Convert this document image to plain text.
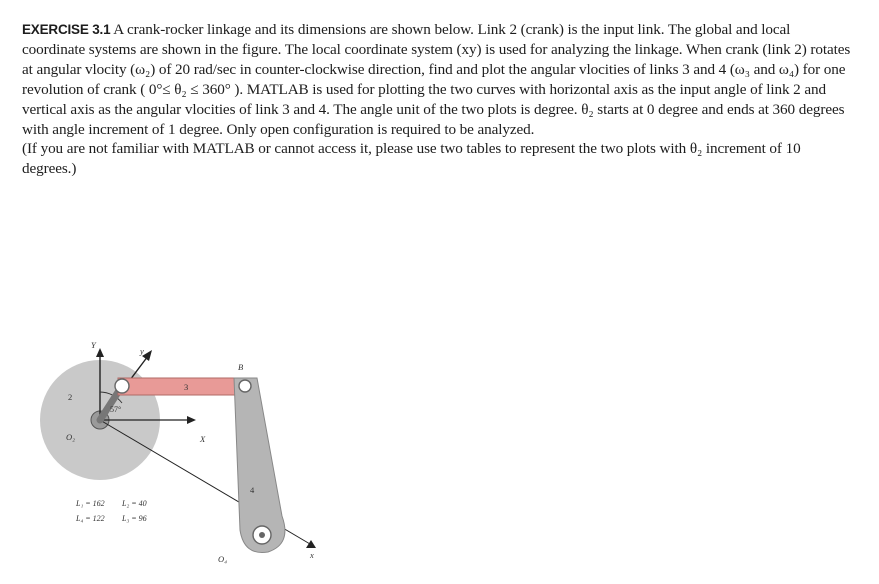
EXERCISE 3.1 A crank-rocker linkage and its dimensions are shown below. Link 2 (crank) is the input link. The global and local coordinate systems are shown in the figure. The local coordinate system (xy) is used for analyzing the linkage. When crank (link 2) rotates at angular vlocity (ω₂) of 20 rad/sec in counter-clockwise direction, find and plot the angular vlocities of links 3 and 4 (ω₃ and ω₄) for one revolution of crank ( 0°≤ θ₂ ≤ 360° ). MATLAB is used for plotting the two curves with horizontal axis as the input angle of link 2 and vertical axis as the angular vlocities of link 3 and 4. The angle unit of the two plots is degree. θ₂ starts at 0 degree and ends at 360 degrees with angle increment of 1 degree. Only open configuration is required to be analyzed.

(If you are not familiar with MATLAB or cannot access it, please use two tables to represent the two plots with θ₂ increment of 10 degrees.)

Y
y
X
x
B
2
3
4
O₂
O₄
57°
L₁ = 162 L₂ = 40
L₄ = 122 L₃ = 96
